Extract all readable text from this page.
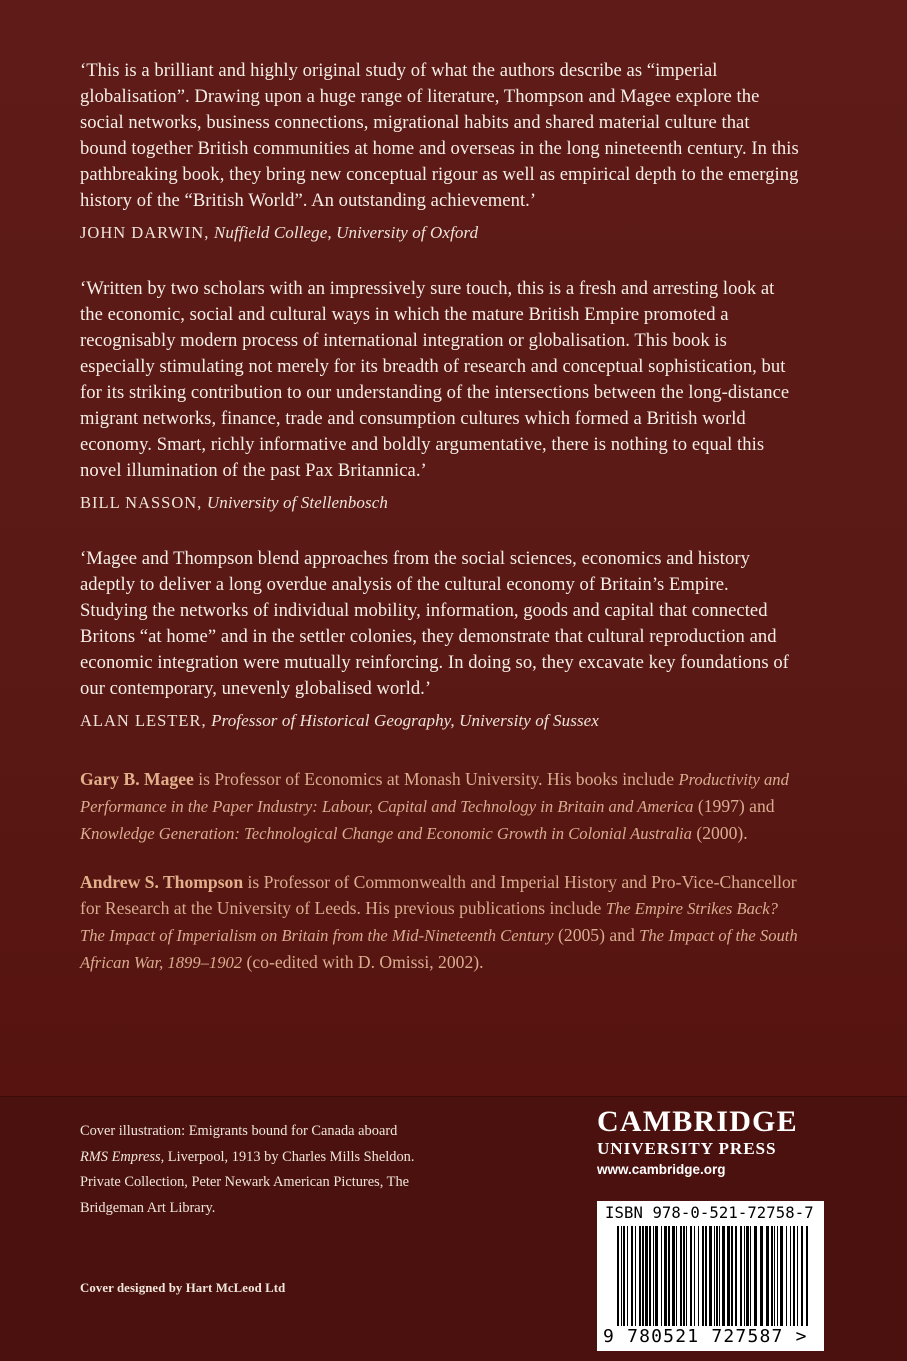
‘This is a brilliant and highly original study of what the authors describe as “imperial globalisation”. Drawing upon a huge range of literature, Thompson and Magee explore the social networks, business connections, migrational habits and shared material culture that bound together British communities at home and overseas in the long nineteenth century. In this pathbreaking book, they bring new conceptual rigour as well as empirical depth to the emerging history of the “British World”. An outstanding achievement.’

JOHN DARWIN, Nuffield College, University of Oxford

‘Written by two scholars with an impressively sure touch, this is a fresh and arresting look at the economic, social and cultural ways in which the mature British Empire promoted a recognisably modern process of international integration or globalisation. This book is especially stimulating not merely for its breadth of research and conceptual sophistication, but for its striking contribution to our understanding of the intersections between the long-distance migrant networks, finance, trade and consumption cultures which formed a British world economy. Smart, richly informative and boldly argumentative, there is nothing to equal this novel illumination of the past Pax Britannica.’

BILL NASSON, University of Stellenbosch

‘Magee and Thompson blend approaches from the social sciences, economics and history adeptly to deliver a long overdue analysis of the cultural economy of Britain’s Empire. Studying the networks of individual mobility, information, goods and capital that connected Britons “at home” and in the settler colonies, they demonstrate that cultural reproduction and economic integration were mutually reinforcing. In doing so, they excavate key foundations of our contemporary, unevenly globalised world.’

ALAN LESTER, Professor of Historical Geography, University of Sussex

Gary B. Magee is Professor of Economics at Monash University. His books include Productivity and Performance in the Paper Industry: Labour, Capital and Technology in Britain and America (1997) and Knowledge Generation: Technological Change and Economic Growth in Colonial Australia (2000).

Andrew S. Thompson is Professor of Commonwealth and Imperial History and Pro-Vice-Chancellor for Research at the University of Leeds. His previous publications include The Empire Strikes Back? The Impact of Imperialism on Britain from the Mid-Nineteenth Century (2005) and The Impact of the South African War, 1899–1902 (co-edited with D. Omissi, 2002).

Cover illustration: Emigrants bound for Canada aboard
RMS Empress, Liverpool, 1913 by Charles Mills Sheldon.
Private Collection, Peter Newark American Pictures, The
Bridgeman Art Library.
Cover designed by Hart McLeod Ltd
CAMBRIDGE
UNIVERSITY PRESS
www.cambridge.org
ISBN 978-0-521-72758-7
9 780521 727587 >
